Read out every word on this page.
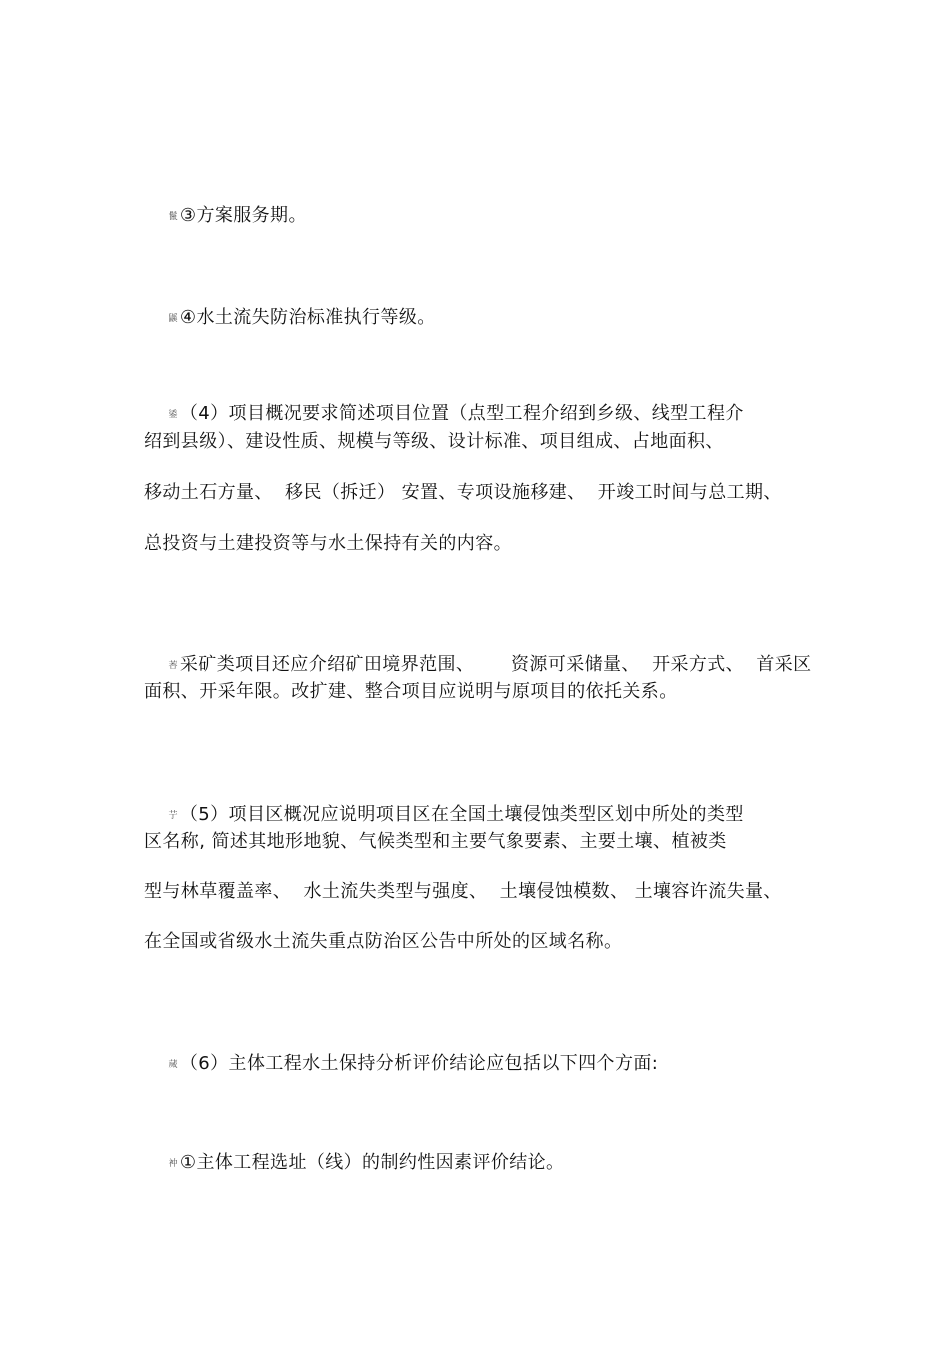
鬣 ③方案服务期。

鼷 ④水土流失防治标准执行等级。

鋈 （4）项目概况要求简述项目位置（点型工程介绍到乡级、线型工程介

绍到县级）、建设性质、规模与等级、设计标准、项目组成、占地面积、
移动土石方量、  移民（拆迁） 安置、专项设施移建、  开竣工时间与总工期、
总投资与土建投资等与水土保持有关的内容。

莕 采矿类项目还应介绍矿田境界范围、      资源可采储量、  开采方式、  首采区

面积、开采年限。改扩建、整合项目应说明与原项目的依托关系。

艼 （5）项目区概况应说明项目区在全国土壤侵蚀类型区划中所处的类型

区名称, 简述其地形地貌、气候类型和主要气象要素、主要土壤、植被类
型与林草覆盖率、  水土流失类型与强度、  土壤侵蚀模数、 土壤容许流失量、
在全国或省级水土流失重点防治区公告中所处的区域名称。

蒇 （6）主体工程水土保持分析评价结论应包括以下四个方面:

衶 ①主体工程选址（线）的制约性因素评价结论。
